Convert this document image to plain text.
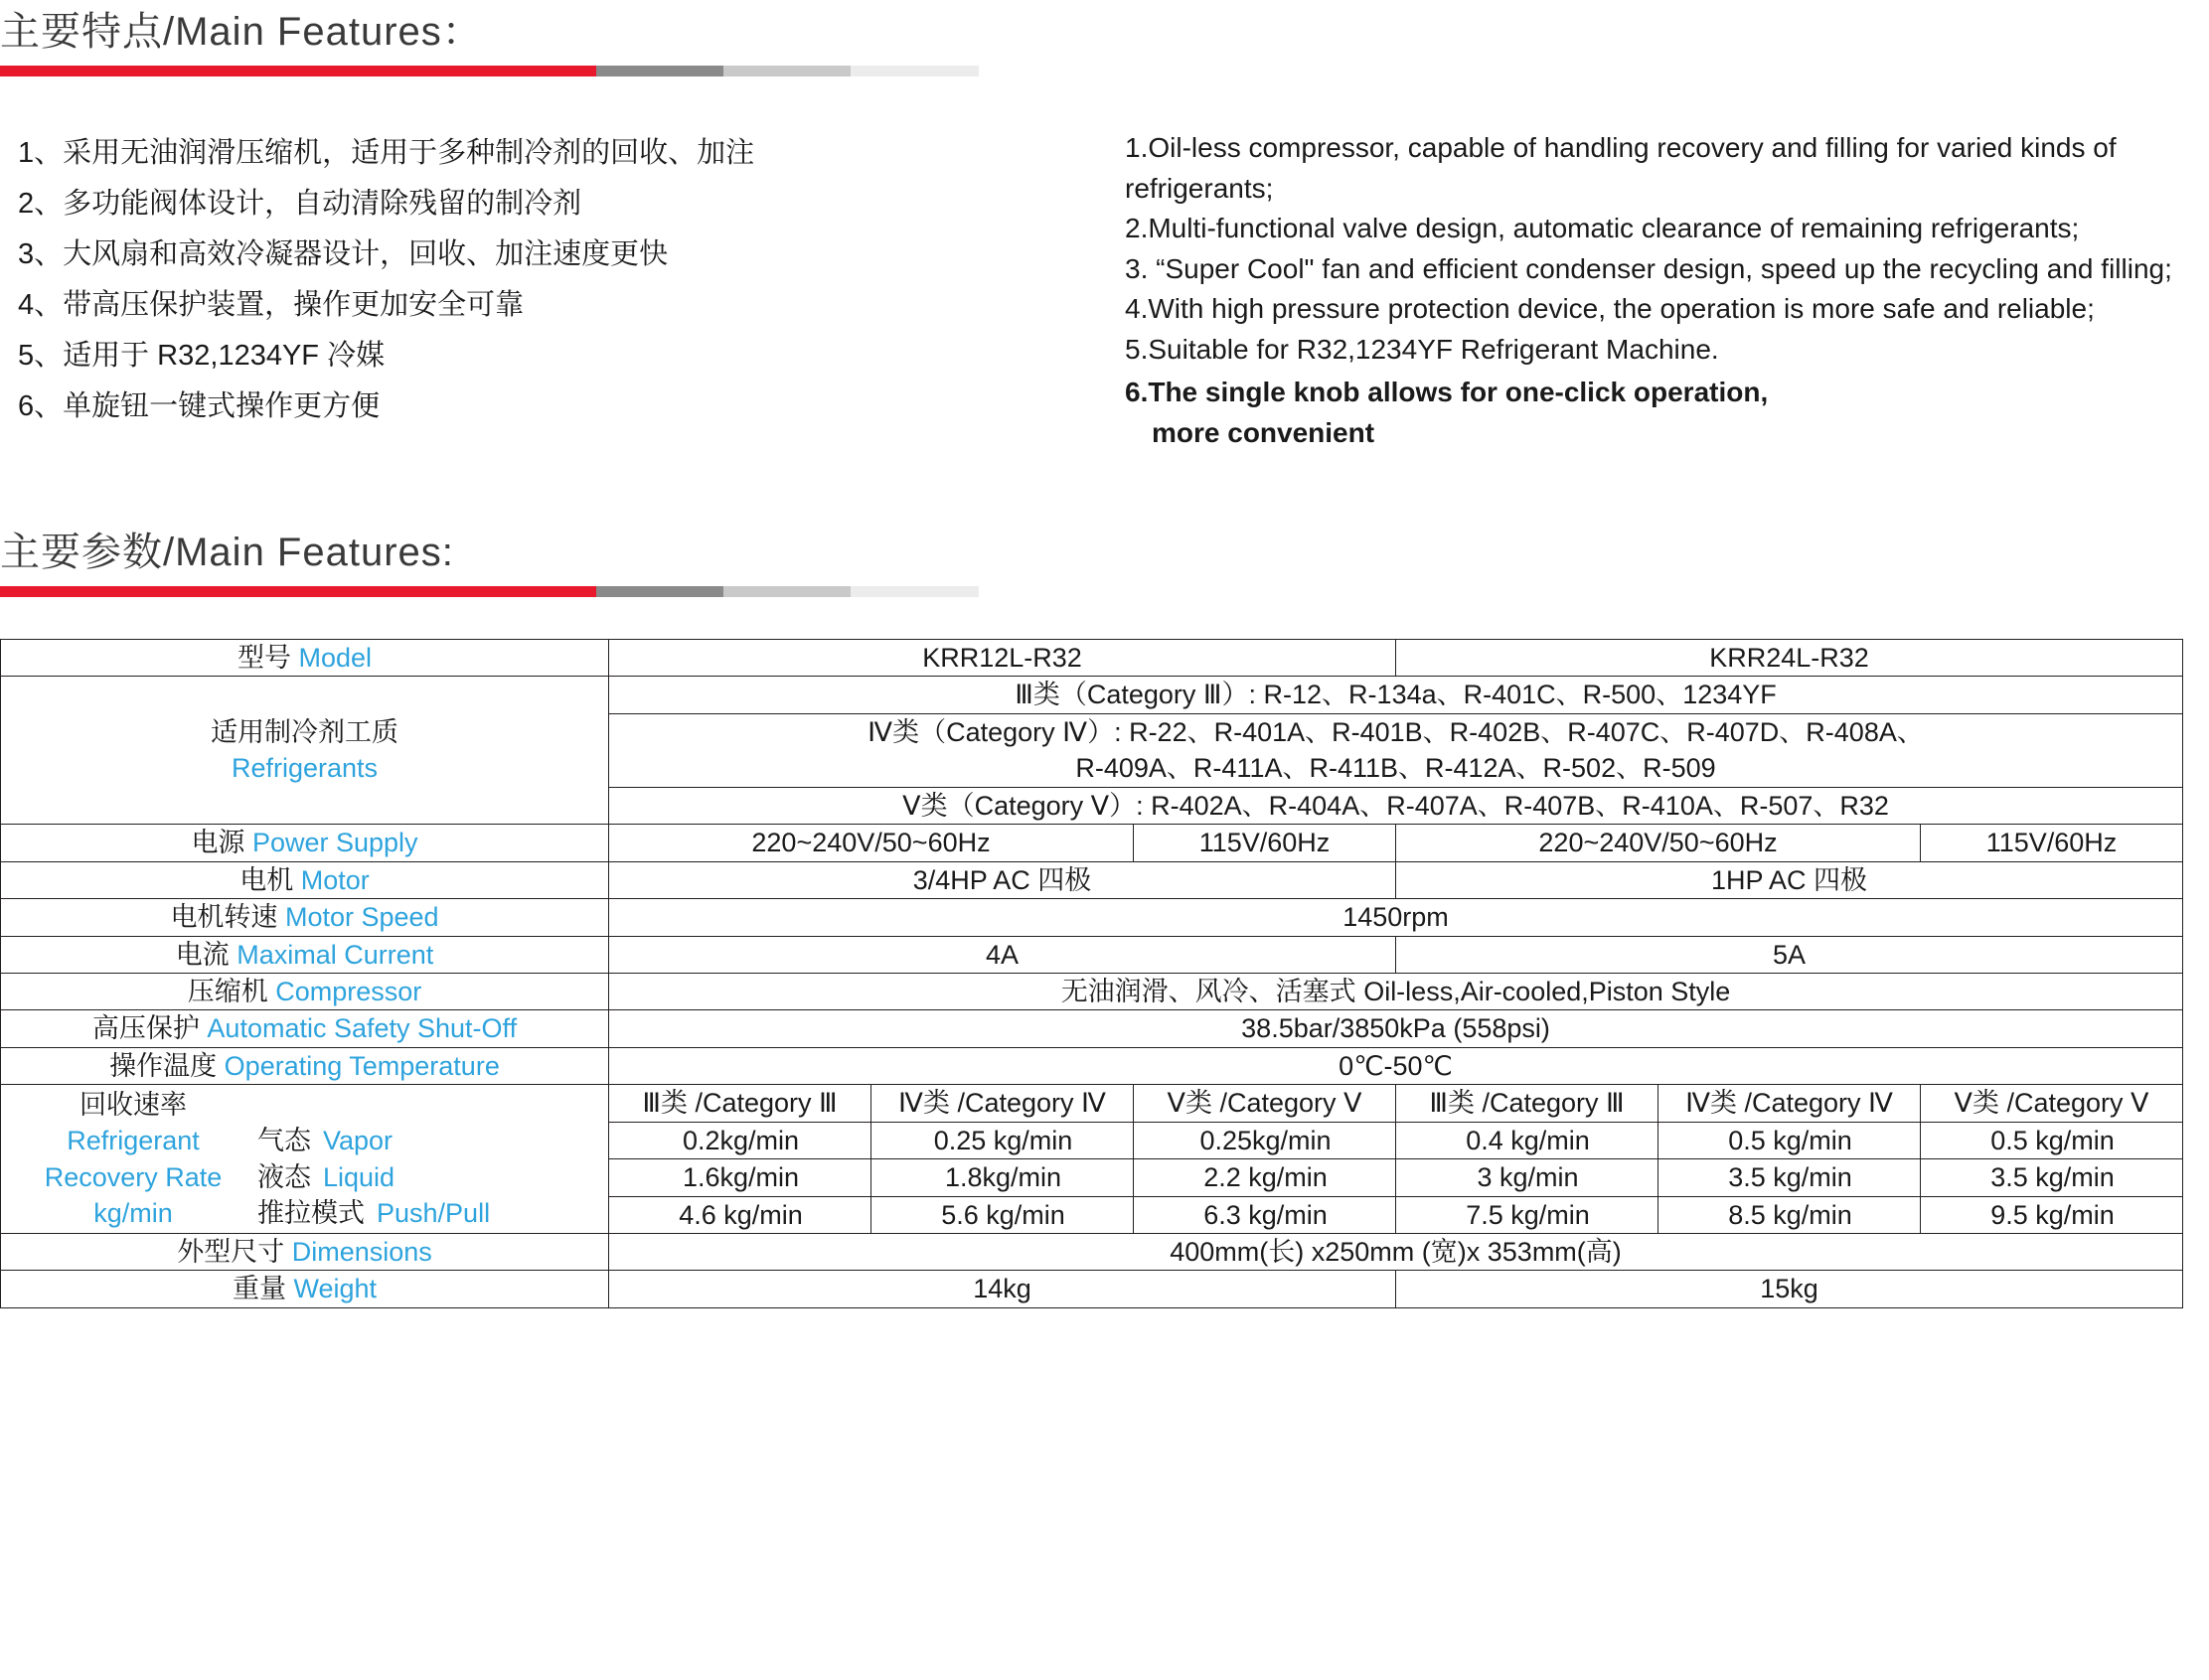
主要特点/Main Features：
1、采用无油润滑压缩机，适用于多种制冷剂的回收、加注
2、多功能阀体设计，自动清除残留的制冷剂
3、大风扇和高效冷凝器设计，回收、加注速度更快
4、带高压保护装置，操作更加安全可靠
5、适用于 R32,1234YF 冷媒
6、单旋钮一键式操作更方便

1.Oil-less compressor, capable of handling recovery and filling for varied kinds of refrigerants;

2.Multi-functional valve design, automatic clearance of remaining refrigerants;

3. “Super Cool" fan and efficient condenser design, speed up the recycling and filling;

4.With high pressure protection device, the operation is more safe and reliable;

5.Suitable for R32,1234YF Refrigerant Machine.

6.The single knob allows for one-click operation,
more convenient

主要参数/Main Features:
型号 Model	KRR12L-R32			KRR24L-R32		

适用制冷剂工质
Refrigerants	Ⅲ类（Category Ⅲ）: R-12、R-134a、R-401C、R-500、1234YF					

	Ⅳ类（Category Ⅳ）: R-22、R-401A、R-401B、R-402B、R-407C、R-407D、R-408A、
R-409A、R-411A、R-411B、R-412A、R-502、R-509					

	Ⅴ类（Category Ⅴ）: R-402A、R-404A、R-407A、R-407B、R-410A、R-507、R32					
电源 Power Supply	220~240V/50~60Hz		115V/60Hz	220~240V/50~60Hz		115V/60Hz
电机 Motor	3/4HP AC 四极			1HP AC 四极		
电机转速 Motor Speed	1450rpm					
电流 Maximal Current	4A			5A		
压缩机 Compressor	无油润滑、风冷、活塞式 Oil-less,Air-cooled,Piston Style					
高压保护 Automatic Safety Shut-Off	38.5bar/3850kPa (558psi)					
操作温度 Operating Temperature	0℃-50℃					

回收速率
Refrigerant	气态 Vapor
Recovery Rate	液态 Liquid
kg/min	推拉模式 Push/Pull
	Ⅲ类 /Category Ⅲ	Ⅳ类 /Category Ⅳ	Ⅴ类 /Category Ⅴ	Ⅲ类 /Category Ⅲ	Ⅳ类 /Category Ⅳ	Ⅴ类 /Category Ⅴ
	0.2kg/min	0.25 kg/min	0.25kg/min	0.4 kg/min	0.5 kg/min	0.5 kg/min
	1.6kg/min	1.8kg/min	2.2 kg/min	3 kg/min	3.5 kg/min	3.5 kg/min
	4.6 kg/min	5.6 kg/min	6.3 kg/min	7.5 kg/min	8.5 kg/min	9.5 kg/min
外型尺寸 Dimensions	400mm(长) x250mm (宽)x 353mm(高)					
重量 Weight	14kg			15kg		
